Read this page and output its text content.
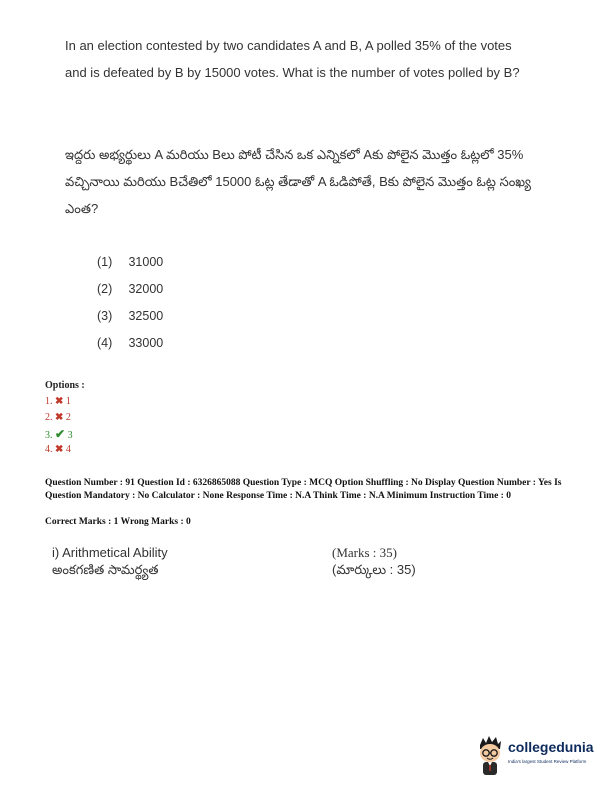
In an election contested by two candidates A and B, A polled 35% of the votes and is defeated by B by 15000 votes. What is the number of votes polled by B?
ఇద్దరు అభ్యర్థులు A మరియు Bలు పోటీ చేసిన ఒక ఎన్నికలో Aకు పోలైన మొత్తం ఓట్లలో 35% వచ్చినాయి మరియు Bచేతిలో 15000 ఓట్ల తేడాతో A ఓడిపోతే, Bకు పోలైన మొత్తం ఓట్ల సంఖ్య ఎంత?
(1) 31000
(2) 32000
(3) 32500
(4) 33000
Options :
1. ✖ 1
2. ✖ 2
3. ✔ 3
4. ✖ 4
Question Number : 91 Question Id : 6326865088 Question Type : MCQ Option Shuffling : No Display Question Number : Yes Is Question Mandatory : No Calculator : None Response Time : N.A Think Time : N.A Minimum Instruction Time : 0
Correct Marks : 1 Wrong Marks : 0
i) Arithmetical Ability	(Marks : 35)
అంకగణిత సామర్థ్యత	(మార్కులు : 35)
collegedunia
India's largest Student Review Platform
